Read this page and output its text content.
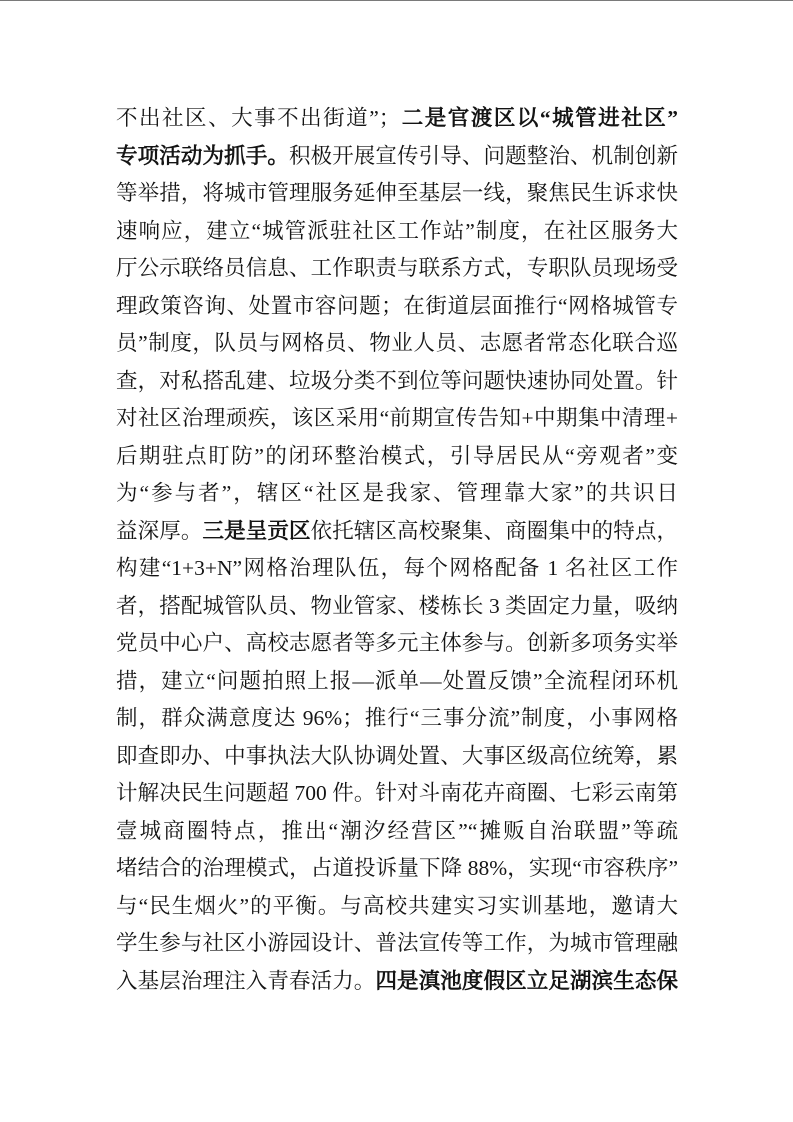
不出社区、大事不出街道”；二是官渡区以“城管进社区”
专项活动为抓手。积极开展宣传引导、问题整治、机制创新
等举措，将城市管理服务延伸至基层一线，聚焦民生诉求快
速响应，建立“城管派驻社区工作站”制度，在社区服务大
厅公示联络员信息、工作职责与联系方式，专职队员现场受
理政策咨询、处置市容问题；在街道层面推行“网格城管专
员”制度，队员与网格员、物业人员、志愿者常态化联合巡
查，对私搭乱建、垃圾分类不到位等问题快速协同处置。针
对社区治理顽疾，该区采用“前期宣传告知+中期集中清理+
后期驻点盯防”的闭环整治模式，引导居民从“旁观者”变
为“参与者”，辖区“社区是我家、管理靠大家”的共识日
益深厚。三是呈贡区依托辖区高校聚集、商圈集中的特点，
构建“1+3+N”网格治理队伍，每个网格配备 1 名社区工作
者，搭配城管队员、物业管家、楼栋长 3 类固定力量，吸纳
党员中心户、高校志愿者等多元主体参与。创新多项务实举
措，建立“问题拍照上报—派单—处置反馈”全流程闭环机
制，群众满意度达 96%；推行“三事分流”制度，小事网格
即查即办、中事执法大队协调处置、大事区级高位统筹，累
计解决民生问题超 700 件。针对斗南花卉商圈、七彩云南第
壹城商圈特点，推出“潮汐经营区”“摊贩自治联盟”等疏
堵结合的治理模式，占道投诉量下降 88%，实现“市容秩序”
与“民生烟火”的平衡。与高校共建实习实训基地，邀请大
学生参与社区小游园设计、普法宣传等工作，为城市管理融
入基层治理注入青春活力。四是滇池度假区立足湖滨生态保
